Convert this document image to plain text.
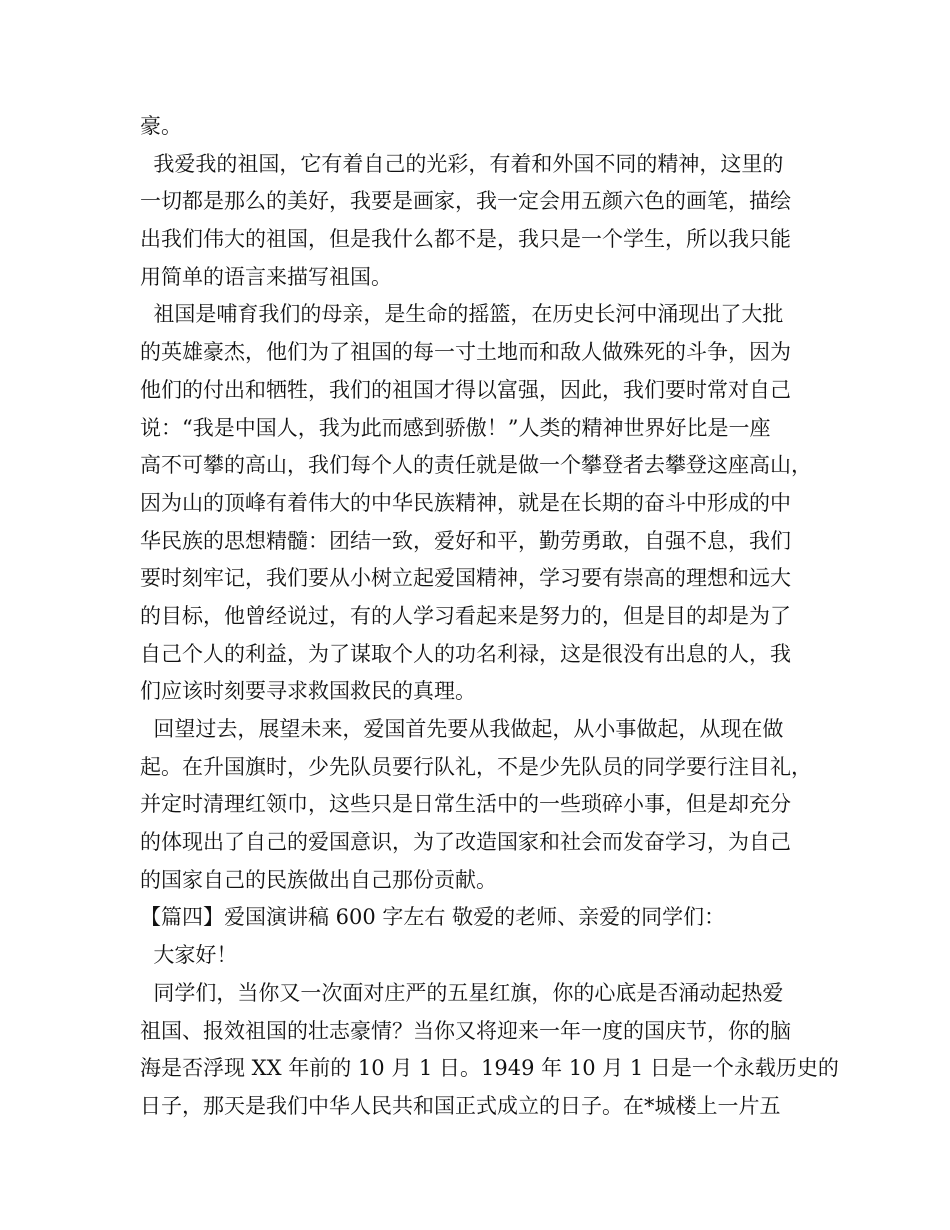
豪。
我爱我的祖国，它有着自己的光彩，有着和外国不同的精神，这里的
一切都是那么的美好，我要是画家，我一定会用五颜六色的画笔，描绘
出我们伟大的祖国，但是我什么都不是，我只是一个学生，所以我只能
用简单的语言来描写祖国。
祖国是哺育我们的母亲，是生命的摇篮，在历史长河中涌现出了大批
的英雄豪杰，他们为了祖国的每一寸土地而和敌人做殊死的斗争，因为
他们的付出和牺牲，我们的祖国才得以富强，因此，我们要时常对自己
说：“我是中国人，我为此而感到骄傲！”人类的精神世界好比是一座
高不可攀的高山，我们每个人的责任就是做一个攀登者去攀登这座高山，
因为山的顶峰有着伟大的中华民族精神，就是在长期的奋斗中形成的中
华民族的思想精髓：团结一致，爱好和平，勤劳勇敢，自强不息，我们
要时刻牢记，我们要从小树立起爱国精神，学习要有崇高的理想和远大
的目标，他曾经说过，有的人学习看起来是努力的，但是目的却是为了
自己个人的利益，为了谋取个人的功名利禄，这是很没有出息的人，我
们应该时刻要寻求救国救民的真理。
回望过去，展望未来，爱国首先要从我做起，从小事做起，从现在做
起。在升国旗时，少先队员要行队礼，不是少先队员的同学要行注目礼，
并定时清理红领巾，这些只是日常生活中的一些琐碎小事，但是却充分
的体现出了自己的爱国意识，为了改造国家和社会而发奋学习，为自己
的国家自己的民族做出自己那份贡献。
【篇四】爱国演讲稿 600 字左右 敬爱的老师、亲爱的同学们：
大家好！
同学们，当你又一次面对庄严的五星红旗，你的心底是否涌动起热爱
祖国、报效祖国的壮志豪情？当你又将迎来一年一度的国庆节，你的脑
海是否浮现 XX 年前的 10 月 1 日。1949 年 10 月 1 日是一个永载历史的
日子，那天是我们中华人民共和国正式成立的日子。在*城楼上一片五
